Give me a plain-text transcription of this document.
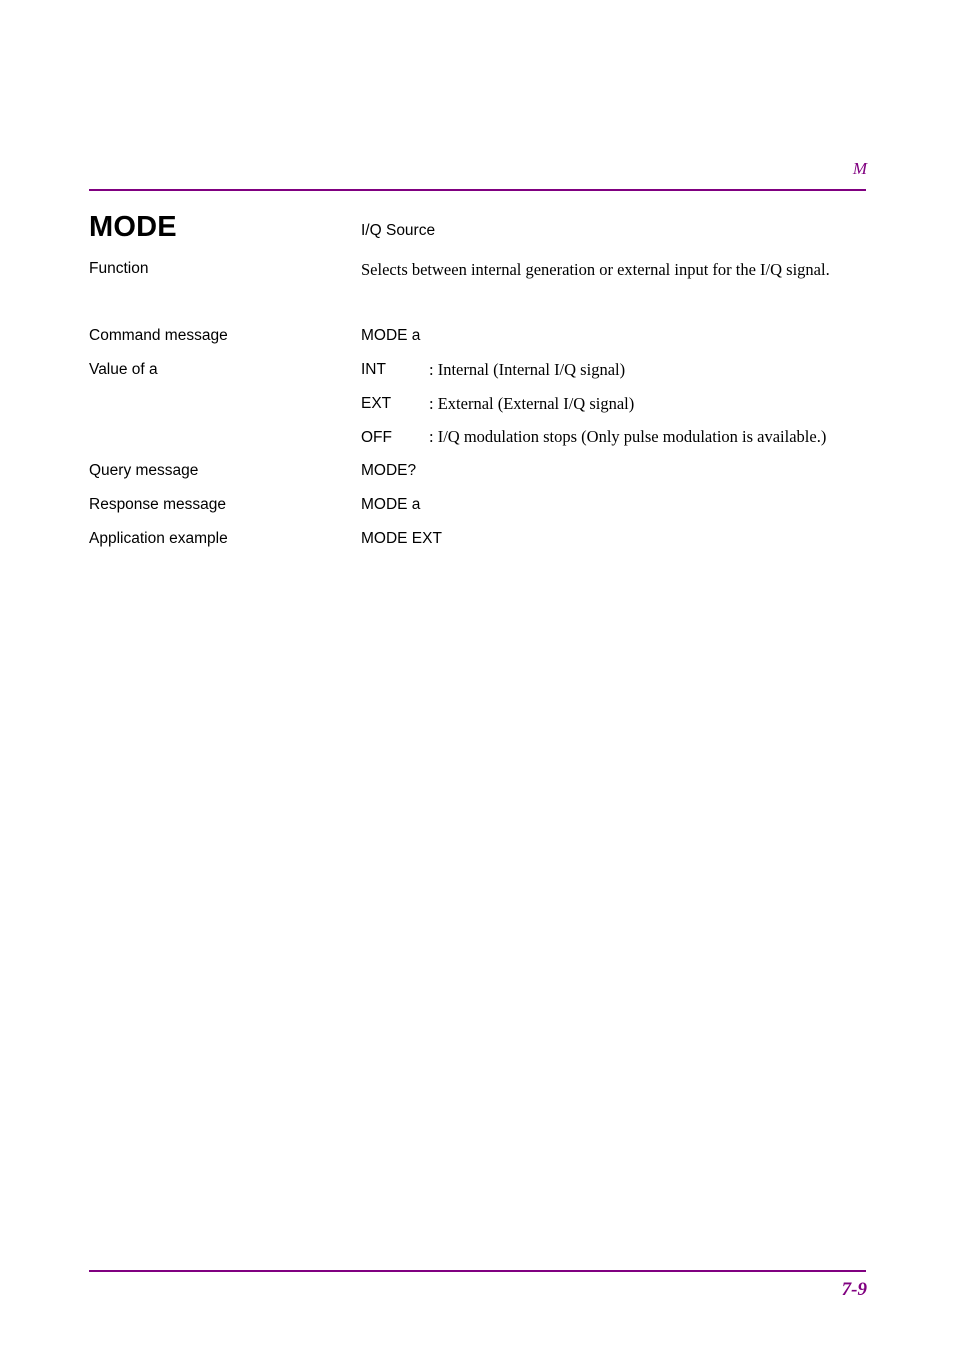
M
MODE	I/Q Source
Function	Selects between internal generation or external input for the I/Q signal.
Command message	MODE a
Value of a	INT	: Internal (Internal I/Q signal)
EXT : External (External I/Q signal)
OFF : I/Q modulation stops (Only pulse modulation is available.)
Query message	MODE?
Response message	MODE a
Application example	MODE EXT
7-9
